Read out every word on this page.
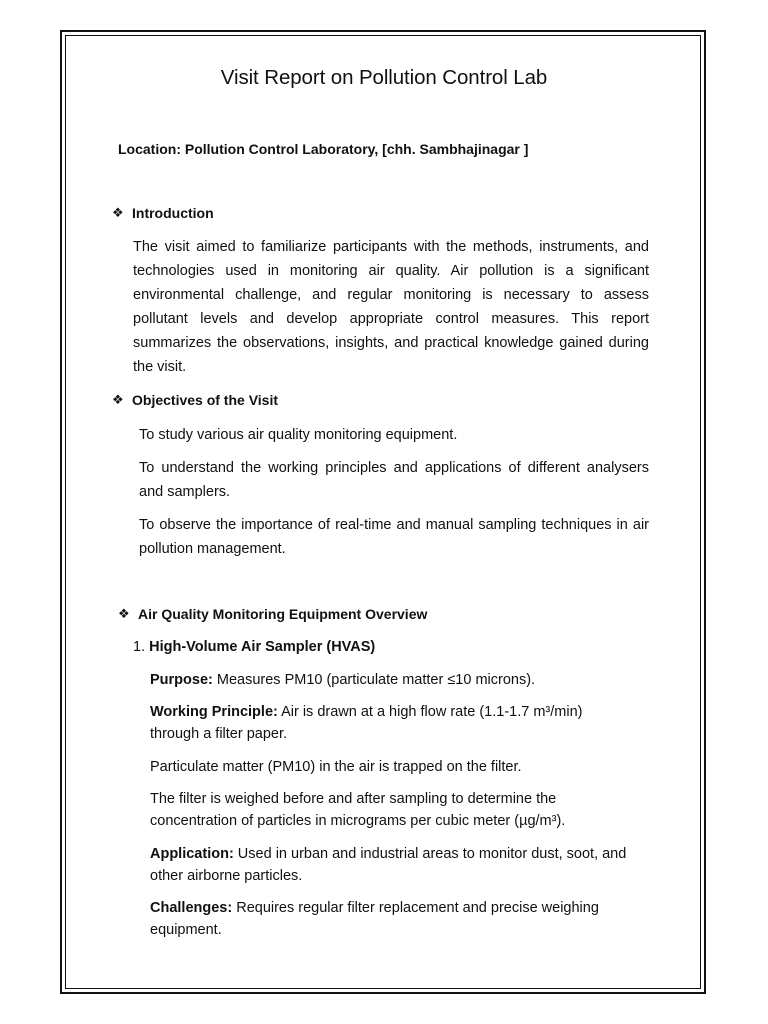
Visit Report on Pollution Control Lab
Location: Pollution Control Laboratory, [chh. Sambhajinagar ]
❖ Introduction
The visit aimed to familiarize participants with the methods, instruments, and technologies used in monitoring air quality. Air pollution is a significant environmental challenge, and regular monitoring is necessary to assess pollutant levels and develop appropriate control measures. This report summarizes the observations, insights, and practical knowledge gained during the visit.
❖ Objectives of the Visit
To study various air quality monitoring equipment.
To understand the working principles and applications of different analysers and samplers.
To observe the importance of real-time and manual sampling techniques in air pollution management.
❖ Air Quality Monitoring Equipment Overview
1. High-Volume Air Sampler (HVAS)
Purpose: Measures PM10 (particulate matter ≤10 microns).
Working Principle: Air is drawn at a high flow rate (1.1-1.7 m³/min) through a filter paper.
Particulate matter (PM10) in the air is trapped on the filter.
The filter is weighed before and after sampling to determine the concentration of particles in micrograms per cubic meter (µg/m³).
Application: Used in urban and industrial areas to monitor dust, soot, and other airborne particles.
Challenges: Requires regular filter replacement and precise weighing equipment.
